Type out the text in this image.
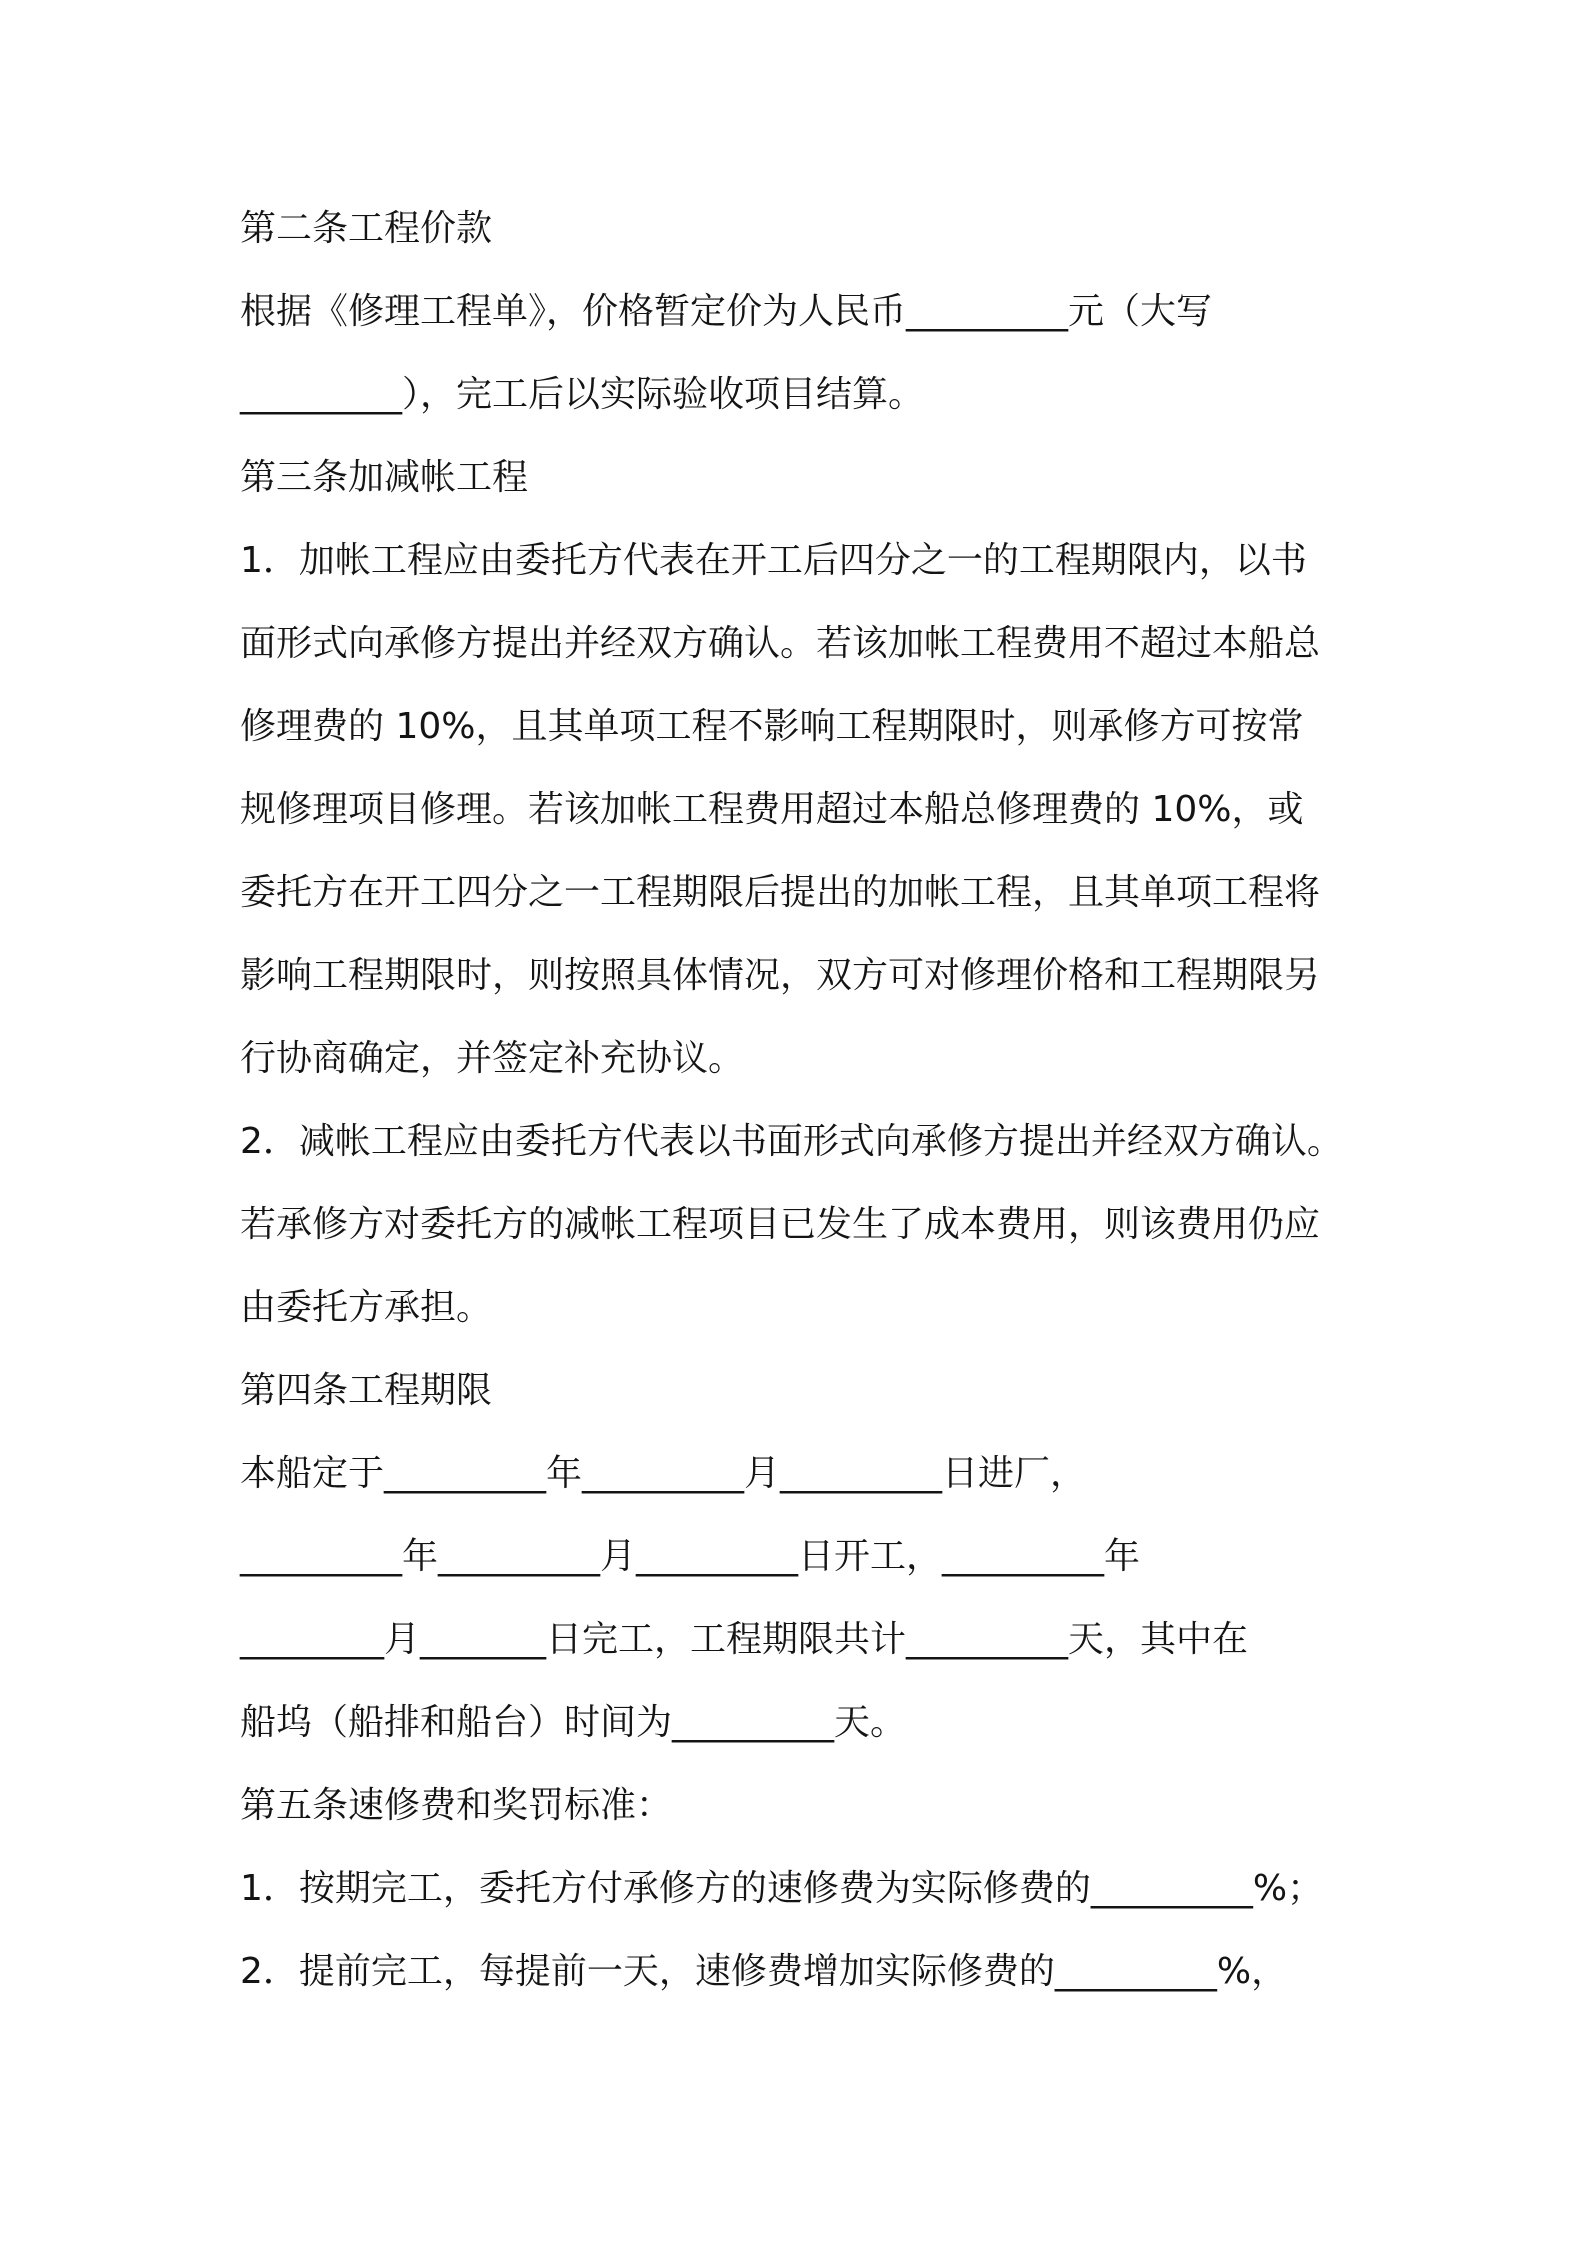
第二条工程价款
根据《修理工程单》，价格暂定价为人民币_________元（大写
_________），完工后以实际验收项目结算。
第三条加减帐工程
1．加帐工程应由委托方代表在开工后四分之一的工程期限内，以书
面形式向承修方提出并经双方确认。若该加帐工程费用不超过本船总
修理费的 10%，且其单项工程不影响工程期限时，则承修方可按常
规修理项目修理。若该加帐工程费用超过本船总修理费的 10%，或
委托方在开工四分之一工程期限后提出的加帐工程，且其单项工程将
影响工程期限时，则按照具体情况，双方可对修理价格和工程期限另
行协商确定，并签定补充协议。
2．减帐工程应由委托方代表以书面形式向承修方提出并经双方确认。
若承修方对委托方的减帐工程项目已发生了成本费用，则该费用仍应
由委托方承担。
第四条工程期限
本船定于_________年_________月_________日进厂，
_________年_________月_________日开工，_________年
________月_______日完工，工程期限共计_________天，其中在
船坞（船排和船台）时间为_________天。
第五条速修费和奖罚标准：
1．按期完工，委托方付承修方的速修费为实际修费的_________%；
2．提前完工，每提前一天，速修费增加实际修费的_________%，
